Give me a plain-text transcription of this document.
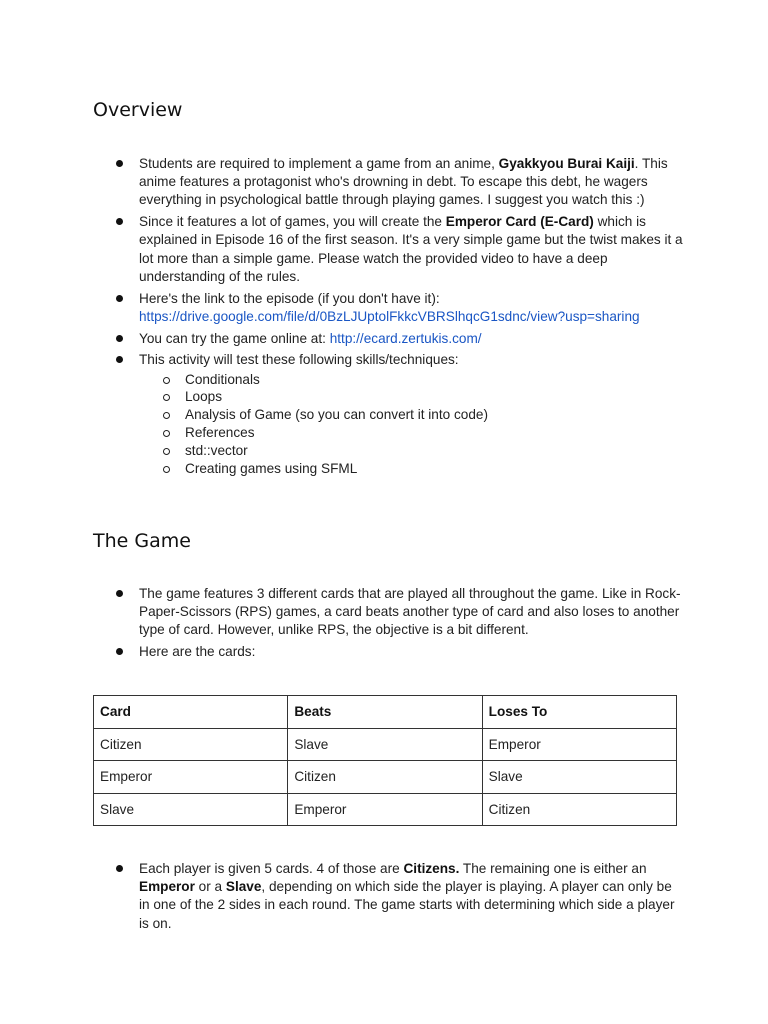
Overview
Students are required to implement a game from an anime, Gyakkyou Burai Kaiji. This anime features a protagonist who's drowning in debt. To escape this debt, he wagers everything in psychological battle through playing games. I suggest you watch this :)
Since it features a lot of games, you will create the Emperor Card (E-Card) which is explained in Episode 16 of the first season. It's a very simple game but the twist makes it a lot more than a simple game. Please watch the provided video to have a deep understanding of the rules.
Here's the link to the episode (if you don't have it):
https://drive.google.com/file/d/0BzLJUptolFkkcVBRSlhqcG1sdnc/view?usp=sharing
You can try the game online at: http://ecard.zertukis.com/
This activity will test these following skills/techniques:
Conditionals
Loops
Analysis of Game (so you can convert it into code)
References
std::vector
Creating games using SFML
The Game
The game features 3 different cards that are played all throughout the game. Like in Rock-Paper-Scissors (RPS) games, a card beats another type of card and also loses to another type of card. However, unlike RPS, the objective is a bit different.
Here are the cards:
Card	Beats	Loses To
Citizen	Slave	Emperor
Emperor	Citizen	Slave
Slave	Emperor	Citizen
Each player is given 5 cards. 4 of those are Citizens. The remaining one is either an
Emperor or a Slave, depending on which side the player is playing. A player can only be in one of the 2 sides in each round. The game starts with determining which side a player is on.
